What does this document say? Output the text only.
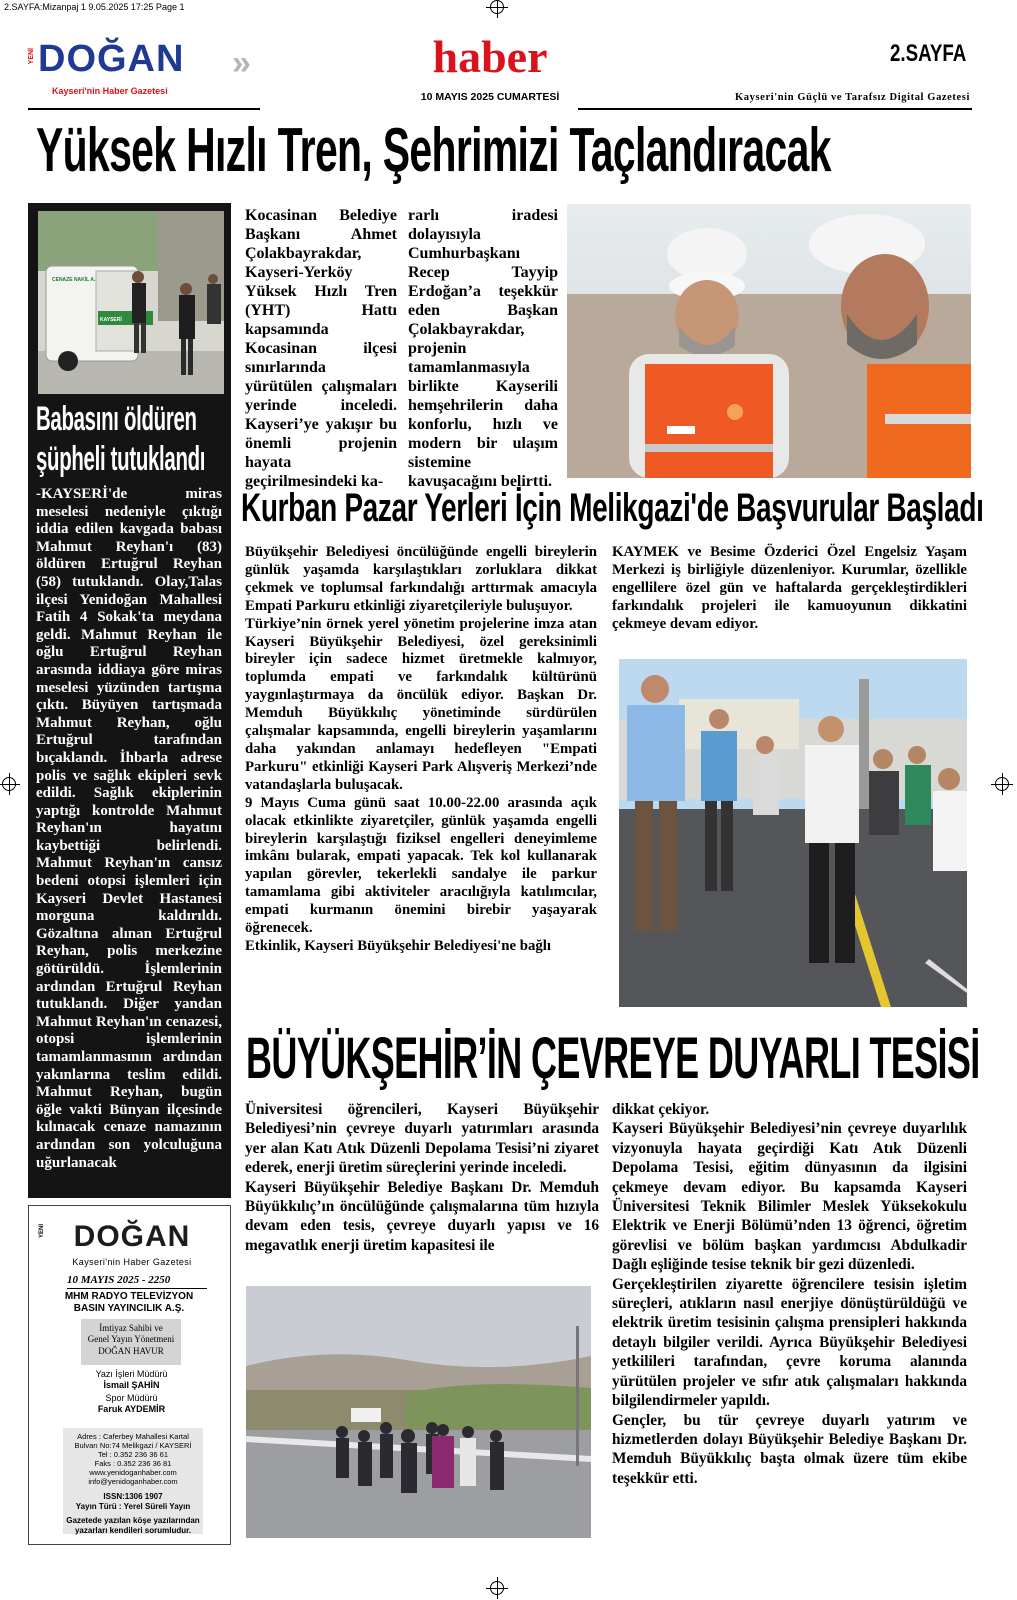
2.SAYFA:Mizanpaj 1 9.05.2025 17:25 Page 1
YENİ DOĞAN »
Kayseri'nin Haber Gazetesi
haber
10 MAYIS 2025 CUMARTESİ
2.SAYFA
Kayseri'nin Güçlü ve Tarafsız Digital Gazetesi
Yüksek Hızlı Tren, Şehrimizi Taçlandıracak
CENAZE NAKİL A.
KAYSERİ
Babasını öldüren şüpheli tutuklandı
-KAYSERİ'de miras meselesi nedeniyle çıktığı iddia edilen kavgada babası Mahmut Reyhan'ı (83) öldüren Ertuğrul Reyhan (58) tutuklandı. Olay,Talas ilçesi Yenidoğan Mahallesi Fatih 4 Sokak'ta meydana geldi. Mahmut Reyhan ile oğlu Ertuğrul Reyhan arasında iddiaya göre miras meselesi yüzünden tartışma çıktı. Büyüyen tartışmada Mahmut Reyhan, oğlu Ertuğrul tarafından bıçaklandı. İhbarla adrese polis ve sağlık ekipleri sevk edildi. Sağlık ekiplerinin yaptığı kontrolde Mahmut Reyhan'ın hayatını kaybettiği belirlendi. Mahmut Reyhan'ın cansız bedeni otopsi işlemleri için Kayseri Devlet Hastanesi morguna kaldırıldı. Gözaltına alınan Ertuğrul Reyhan, polis merkezine götürüldü. İşlemlerinin ardından Ertuğrul Reyhan tutuklandı. Diğer yandan Mahmut Reyhan'ın cenazesi, otopsi işlemlerinin tamamlanmasının ardından yakınlarına teslim edildi. Mahmut Reyhan, bugün öğle vakti Bünyan ilçesinde kılınacak cenaze namazının ardından son yolculuğuna uğurlanacak
Kocasinan Belediye Başkanı Ahmet Çolakbayrakdar, Kayseri-Yerköy Yüksek Hızlı Tren (YHT) Hattı kapsamında Kocasinan ilçesi sınırlarında yürütülen çalışmaları yerinde inceledi. Kayseri’ye yakışır bu önemli projenin hayata geçirilmesindeki ka-
rarlı iradesi dolayısıyla Cumhurbaşkanı Recep Tayyip Erdoğan’a teşekkür eden Başkan Çolakbayrakdar, projenin tamamlanmasıyla birlikte Kayserili hemşehrilerin daha konforlu, hızlı ve modern bir ulaşım sistemine kavuşacağını belirtti.
Kurban Pazar Yerleri İçin Melikgazi'de Başvurular Başladı

Büyükşehir Belediyesi öncülüğünde engelli bireylerin günlük yaşamda karşılaştıkları zorluklara dikkat çekmek ve toplumsal farkındalığı arttırmak amacıyla Empati Parkuru etkinliği ziyaretçileriyle buluşuyor.

Türkiye’nin örnek yerel yönetim projelerine imza atan Kayseri Büyükşehir Belediyesi, özel gereksinimli bireyler için sadece hizmet üretmekle kalmıyor, toplumda empati ve farkındalık kültürünü yaygınlaştırmaya da öncülük ediyor. Başkan Dr. Memduh Büyükkılıç yönetiminde sürdürülen çalışmalar kapsamında, engelli bireylerin yaşamlarını daha yakından anlamayı hedefleyen "Empati Parkuru" etkinliği Kayseri Park Alışveriş Merkezi’nde vatandaşlarla buluşacak.

9 Mayıs Cuma günü saat 10.00-22.00 arasında açık olacak etkinlikte ziyaretçiler, günlük yaşamda engelli bireylerin karşılaştığı fiziksel engelleri deneyimleme imkânı bularak, empati yapacak. Tek kol kullanarak yapılan görevler, tekerlekli sandalye ile parkur tamamlama gibi aktiviteler aracılığıyla katılımcılar, empati kurmanın önemini birebir yaşayarak öğrenecek.

Etkinlik, Kayseri Büyükşehir Belediyesi'ne bağlı

KAYMEK ve Besime Özderici Özel Engelsiz Yaşam Merkezi iş birliğiyle düzenleniyor. Kurumlar, özellikle engellilere özel gün ve haftalarda gerçekleştirdikleri farkındalık projeleri ile kamuoyunun dikkatini çekmeye devam ediyor.
BÜYÜKŞEHİR’İN ÇEVREYE DUYARLI TESİSİ

Üniversitesi öğrencileri, Kayseri Büyükşehir Belediyesi’nin çevreye duyarlı yatırımları arasında yer alan Katı Atık Düzenli Depolama Tesisi’ni ziyaret ederek, enerji üretim süreçlerini yerinde inceledi.

Kayseri Büyükşehir Belediye Başkanı Dr. Memduh Büyükkılıç’ın öncülüğünde çalışmalarına tüm hızıyla devam eden tesis, çevreye duyarlı yapısı ve 16 megavatlık enerji üretim kapasitesi ile

dikkat çekiyor.

Kayseri Büyükşehir Belediyesi’nin çevreye duyarlılık vizyonuyla hayata geçirdiği Katı Atık Düzenli Depolama Tesisi, eğitim dünyasının da ilgisini çekmeye devam ediyor. Bu kapsamda Kayseri Üniversitesi Teknik Bilimler Meslek Yüksekokulu Elektrik ve Enerji Bölümü’nden 13 öğrenci, öğretim görevlisi ve bölüm başkan yardımcısı Abdulkadir Dağlı eşliğinde tesise teknik bir gezi düzenledi.

Gerçekleştirilen ziyarette öğrencilere tesisin işletim süreçleri, atıkların nasıl enerjiye dönüştürüldüğü ve elektrik üretim tesisinin çalışma prensipleri hakkında detaylı bilgiler verildi. Ayrıca Büyükşehir Belediyesi yetkilileri tarafından, çevre koruma alanında yürütülen projeler ve sıfır atık çalışmaları hakkında bilgilendirmeler yapıldı.

Gençler, bu tür çevreye duyarlı yatırım ve hizmetlerden dolayı Büyükşehir Belediye Başkanı Dr. Memduh Büyükkılıç başta olmak üzere tüm ekibe teşekkür etti.

YENİ DOĞAN
Kayseri'nin Haber Gazetesi
10 MAYIS 2025 - 2250
MHM RADYO TELEVİZYON
BASIN YAYINCILIK A.Ş.
İmtiyaz Sahibi ve
Genel Yayın Yönetmeni
DOĞAN HAVUR
Yazı İşleri Müdürü
İsmail ŞAHİN
Spor Müdürü
Faruk AYDEMİR
Adres : Caferbey Mahallesi Kartal
Bulvarı No:74 Melikgazi / KAYSERİ
Tel : 0.352 236 36 61
Faks : 0.352 236 36 81
www.yenidoganhaber.com
info@yenidoganhaber.com
ISSN:1306 1907
Yayın Türü : Yerel Süreli Yayın
Gazetede yazılan köşe yazılarından
yazarları kendileri sorumludur.
